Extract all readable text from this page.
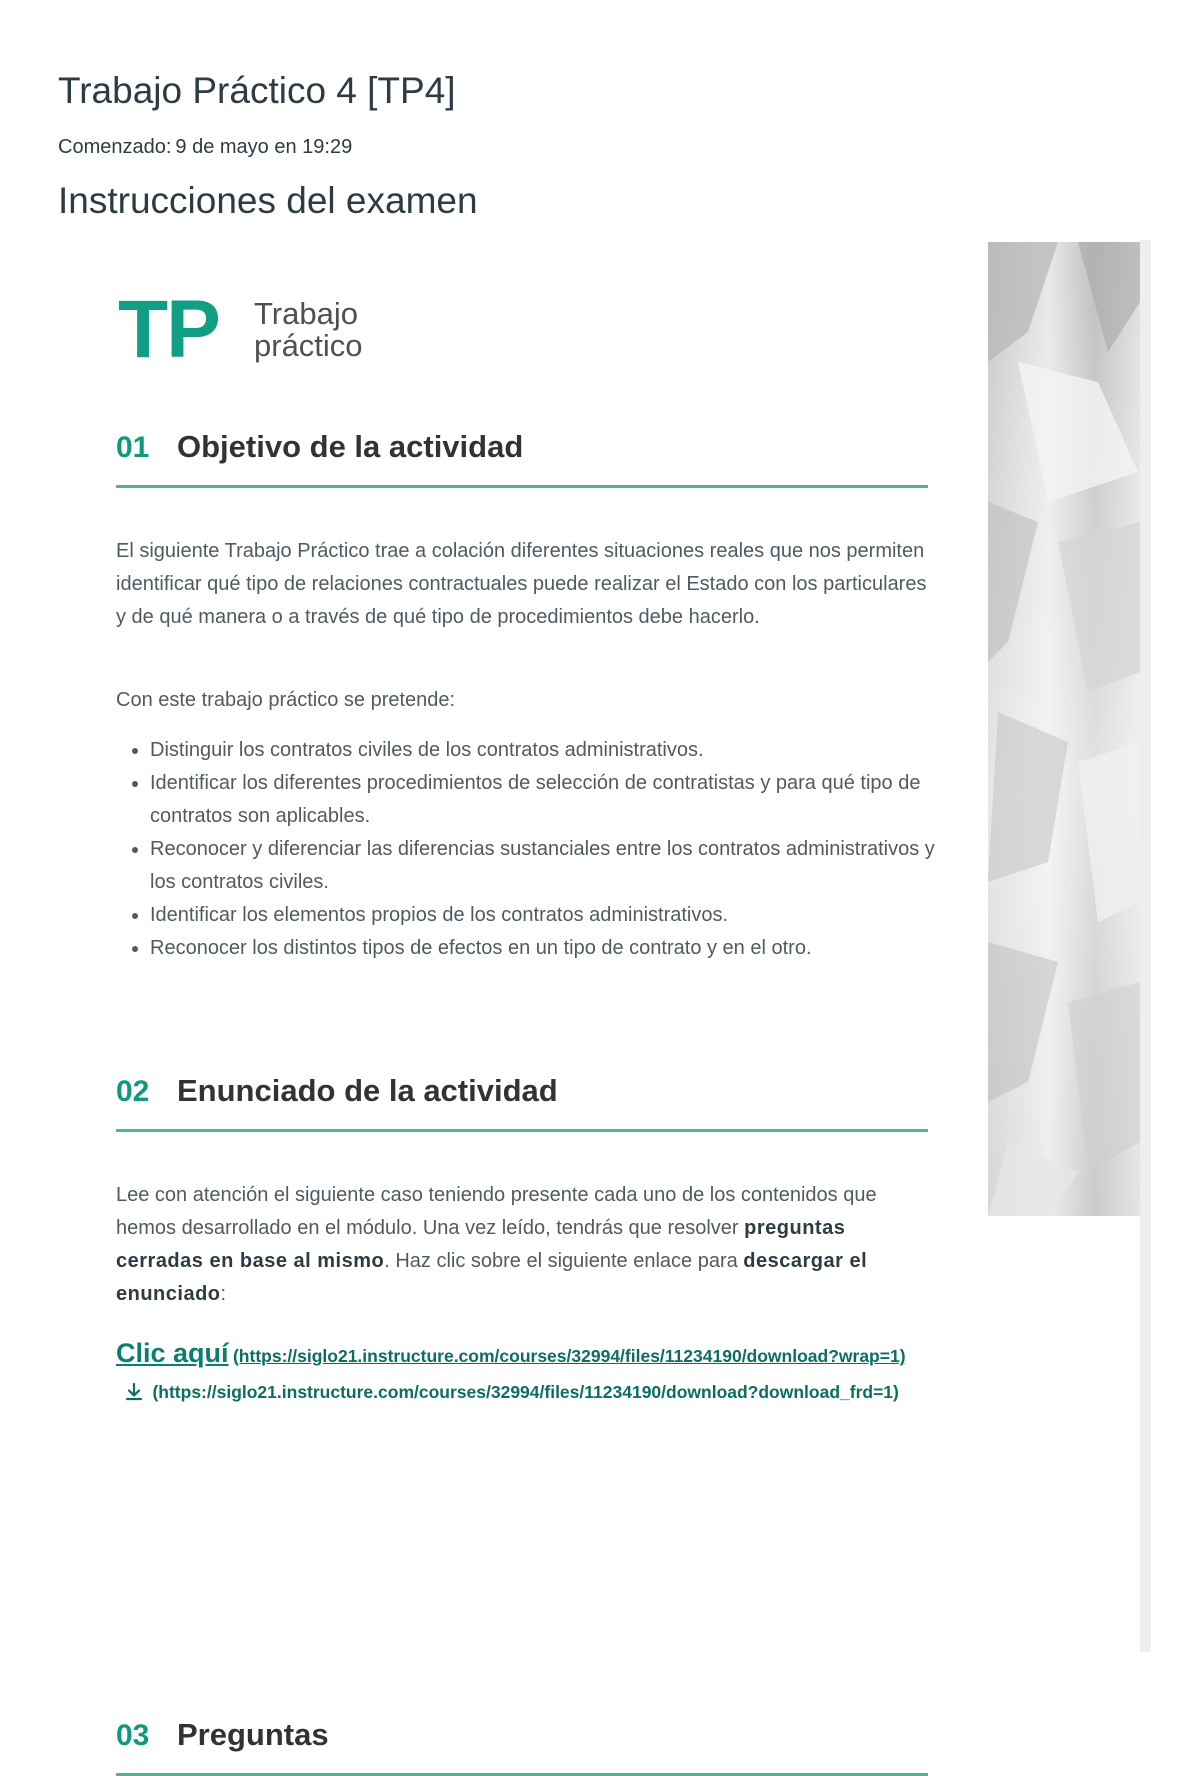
Trabajo Práctico 4 [TP4]
Comenzado: 9 de mayo en 19:29
Instrucciones del examen
TP Trabajo
práctico
01 Objetivo de la actividad

El siguiente Trabajo Práctico trae a colación diferentes situaciones reales que nos permiten identificar qué tipo de relaciones contractuales puede realizar el Estado con los particulares y de qué manera o a través de qué tipo de procedimientos debe hacerlo.

Con este trabajo práctico se pretende:

• Distinguir los contratos civiles de los contratos administrativos.
• Identificar los diferentes procedimientos de selección de contratistas y para qué tipo de contratos son aplicables.
• Reconocer y diferenciar las diferencias sustanciales entre los contratos administrativos y los contratos civiles.
• Identificar los elementos propios de los contratos administrativos.
• Reconocer los distintos tipos de efectos en un tipo de contrato y en el otro.
02 Enunciado de la actividad

Lee con atención el siguiente caso teniendo presente cada uno de los contenidos que hemos desarrollado en el módulo. Una vez leído, tendrás que resolver preguntas cerradas en base al mismo. Haz clic sobre el siguiente enlace para descargar el enunciado:

Clic aquí (https://siglo21.instructure.com/courses/32994/files/11234190/download?wrap=1)  (https://siglo21.instructure.com/courses/32994/files/11234190/download?download_frd=1)
03 Preguntas
